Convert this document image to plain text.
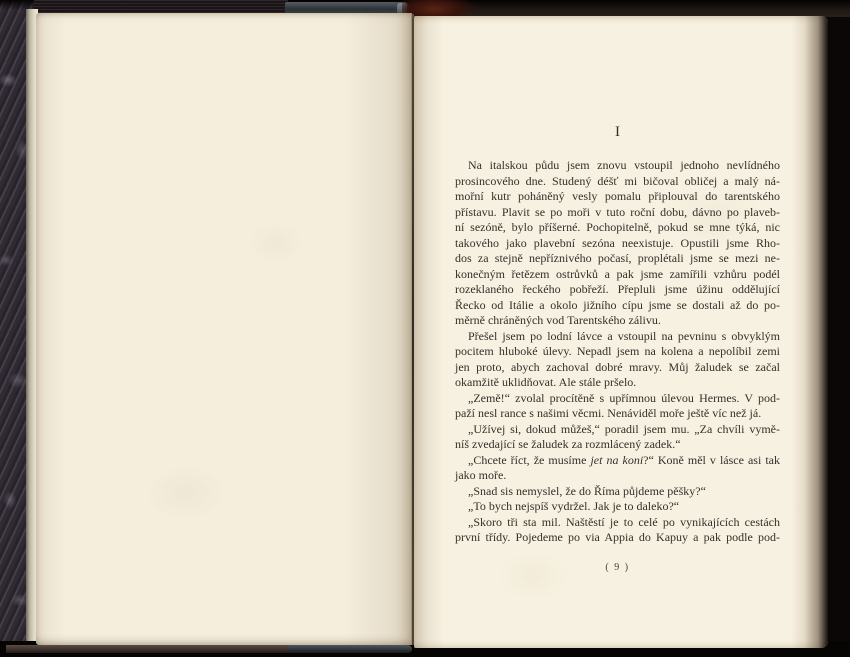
I
Na italskou půdu jsem znovu vstoupil jednoho nevlídného
prosincového dne. Studený déšť mi bičoval obličej a malý ná-
mořní kutr poháněný vesly pomalu připlouval do tarentského
přístavu. Plavit se po moři v tuto roční dobu, dávno po plaveb-
ní sezóně, bylo příšerné. Pochopitelně, pokud se mne týká, nic
takového jako plavební sezóna neexistuje. Opustili jsme Rho-
dos za stejně nepříznivého počasí, proplétali jsme se mezi ne-
konečným řetězem ostrůvků a pak jsme zamířili vzhůru podél
rozeklaného řeckého pobřeží. Přepluli jsme úžinu oddělující
Řecko od Itálie a okolo jižního cípu jsme se dostali až do po-
měrně chráněných vod Tarentského zálivu.
Přešel jsem po lodní lávce a vstoupil na pevninu s obvyklým
pocitem hluboké úlevy. Nepadl jsem na kolena a nepolíbil zemi
jen proto, abych zachoval dobré mravy. Můj žaludek se začal
okamžitě uklidňovat. Ale stále pršelo.
„Země!“ zvolal procítěně s upřímnou úlevou Hermes. V pod-
paží nesl rance s našimi věcmi. Nenáviděl moře ještě víc než já.
„Užívej si, dokud můžeš,“ poradil jsem mu. „Za chvíli vymě-
níš zvedající se žaludek za rozmlácený zadek.“
„Chcete říct, že musíme jet na koni?“ Koně měl v lásce asi tak
jako moře.
„Snad sis nemyslel, že do Říma půjdeme pěšky?“
„To bych nejspíš vydržel. Jak je to daleko?“
„Skoro tři sta mil. Naštěstí je to celé po vynikajících cestách
první třídy. Pojedeme po via Appia do Kapuy a pak podle pod-
( 9 )
